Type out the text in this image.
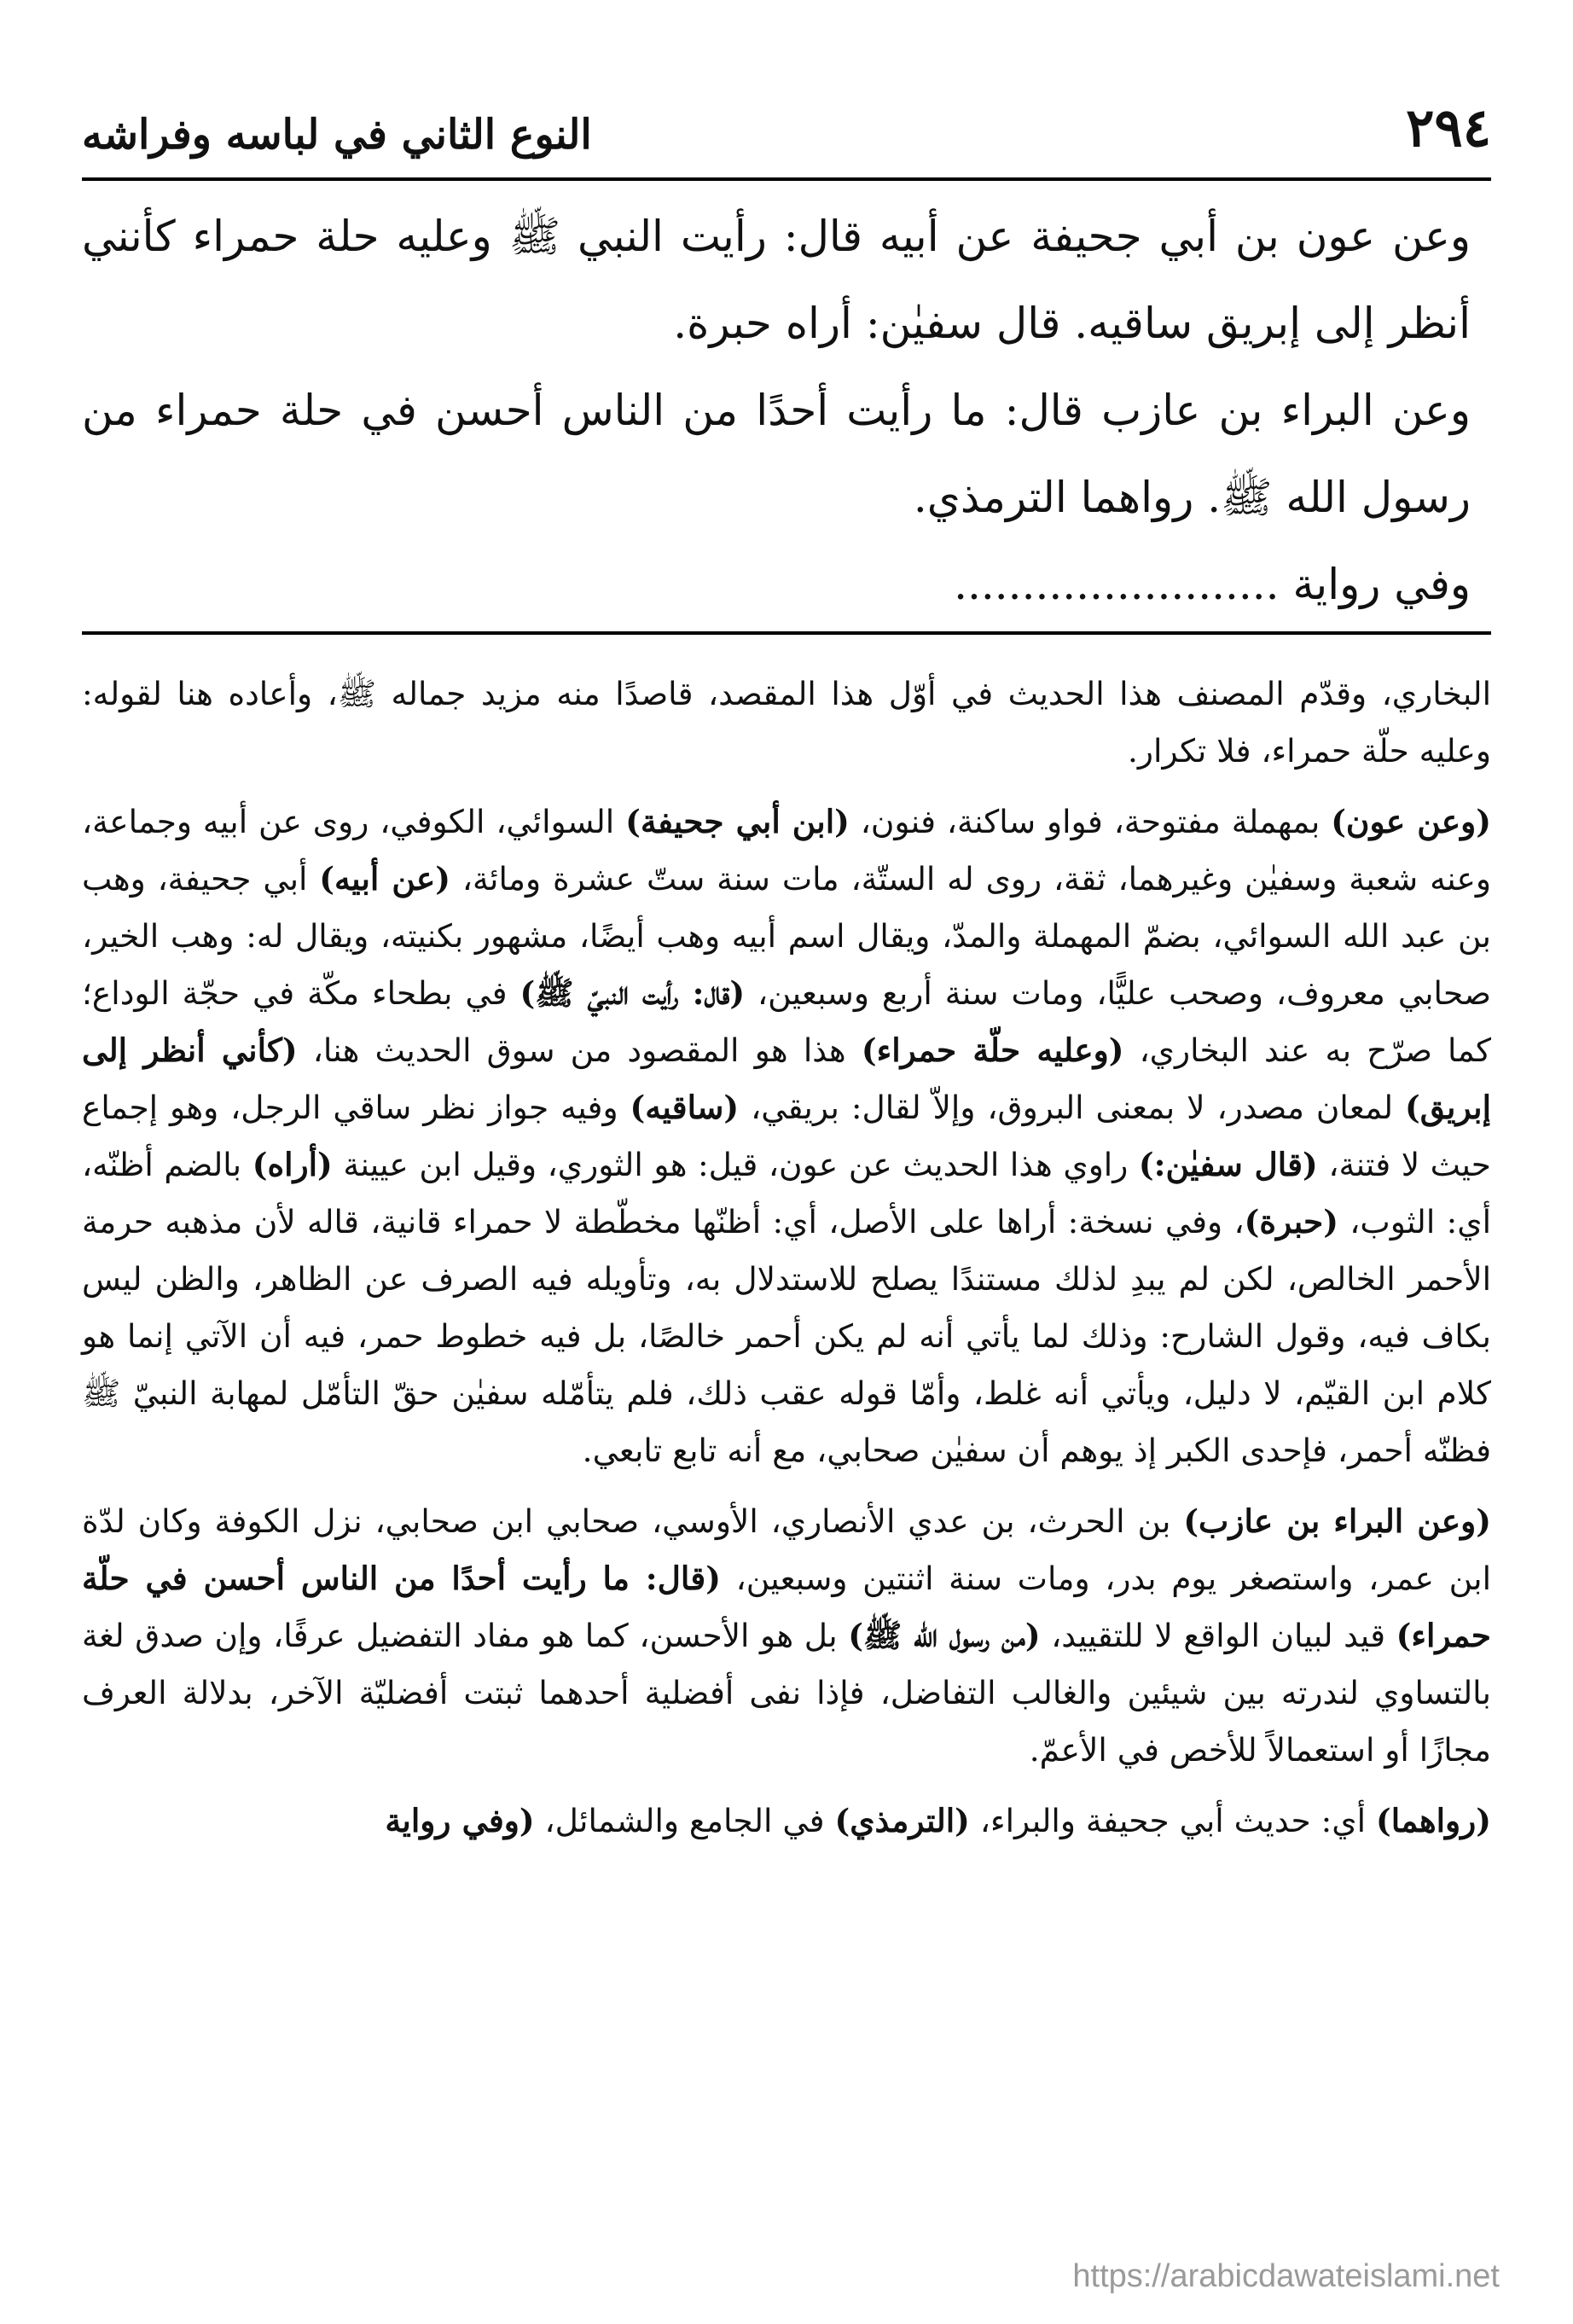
٢٩٤
النوع الثاني في لباسه وفراشه

وعن عون بن أبي جحيفة عن أبيه قال: رأيت النبي ﷺ وعليه حلة حمراء كأنني أنظر إلى إبريق ساقيه. قال سفيٰن: أراه حبرة.

وعن البراء بن عازب قال: ما رأيت أحدًا من الناس أحسن في حلة حمراء من رسول الله ﷺ. رواهما الترمذي.

وفي رواية ........................

البخاري، وقدّم المصنف هذا الحديث في أوّل هذا المقصد، قاصدًا منه مزيد جماله ﷺ، وأعاده هنا لقوله: وعليه حلّة حمراء، فلا تكرار.

(وعن عون) بمهملة مفتوحة، فواو ساكنة، فنون، (ابن أبي جحيفة) السوائي، الكوفي، روى عن أبيه وجماعة، وعنه شعبة وسفيٰن وغيرهما، ثقة، روى له الستّة، مات سنة ستّ عشرة ومائة، (عن أبيه) أبي جحيفة، وهب بن عبد الله السوائي، بضمّ المهملة والمدّ، ويقال اسم أبيه وهب أيضًا، مشهور بكنيته، ويقال له: وهب الخير، صحابي معروف، وصحب عليًّا، ومات سنة أربع وسبعين، (قال: رأيت النبيّ ﷺ) في بطحاء مكّة في حجّة الوداع؛ كما صرّح به عند البخاري، (وعليه حلّة حمراء) هذا هو المقصود من سوق الحديث هنا، (كأني أنظر إلى إبريق) لمعان مصدر، لا بمعنى البروق، وإلاّ لقال: بريقي، (ساقيه) وفيه جواز نظر ساقي الرجل، وهو إجماع حيث لا فتنة، (قال سفيٰن:) راوي هذا الحديث عن عون، قيل: هو الثوري، وقيل ابن عيينة (أراه) بالضم أظنّه، أي: الثوب، (حبرة)، وفي نسخة: أراها على الأصل، أي: أظنّها مخطّطة لا حمراء قانية، قاله لأن مذهبه حرمة الأحمر الخالص، لكن لم يبدِ لذلك مستندًا يصلح للاستدلال به، وتأويله فيه الصرف عن الظاهر، والظن ليس بكاف فيه، وقول الشارح: وذلك لما يأتي أنه لم يكن أحمر خالصًا، بل فيه خطوط حمر، فيه أن الآتي إنما هو كلام ابن القيّم، لا دليل، ويأتي أنه غلط، وأمّا قوله عقب ذلك، فلم يتأمّله سفيٰن حقّ التأمّل لمهابة النبيّ ﷺ فظنّه أحمر، فإحدى الكبر إذ يوهم أن سفيٰن صحابي، مع أنه تابع تابعي.

(وعن البراء بن عازب) بن الحرث، بن عدي الأنصاري، الأوسي، صحابي ابن صحابي، نزل الكوفة وكان لدّة ابن عمر، واستصغر يوم بدر، ومات سنة اثنتين وسبعين، (قال: ما رأيت أحدًا من الناس أحسن في حلّة حمراء) قيد لبيان الواقع لا للتقييد، (من رسول الله ﷺ) بل هو الأحسن، كما هو مفاد التفضيل عرفًا، وإن صدق لغة بالتساوي لندرته بين شيئين والغالب التفاضل، فإذا نفى أفضلية أحدهما ثبتت أفضليّة الآخر، بدلالة العرف مجازًا أو استعمالاً للأخص في الأعمّ.

(رواهما) أي: حديث أبي جحيفة والبراء، (الترمذي) في الجامع والشمائل، (وفي رواية

https://arabicdawateislami.net
